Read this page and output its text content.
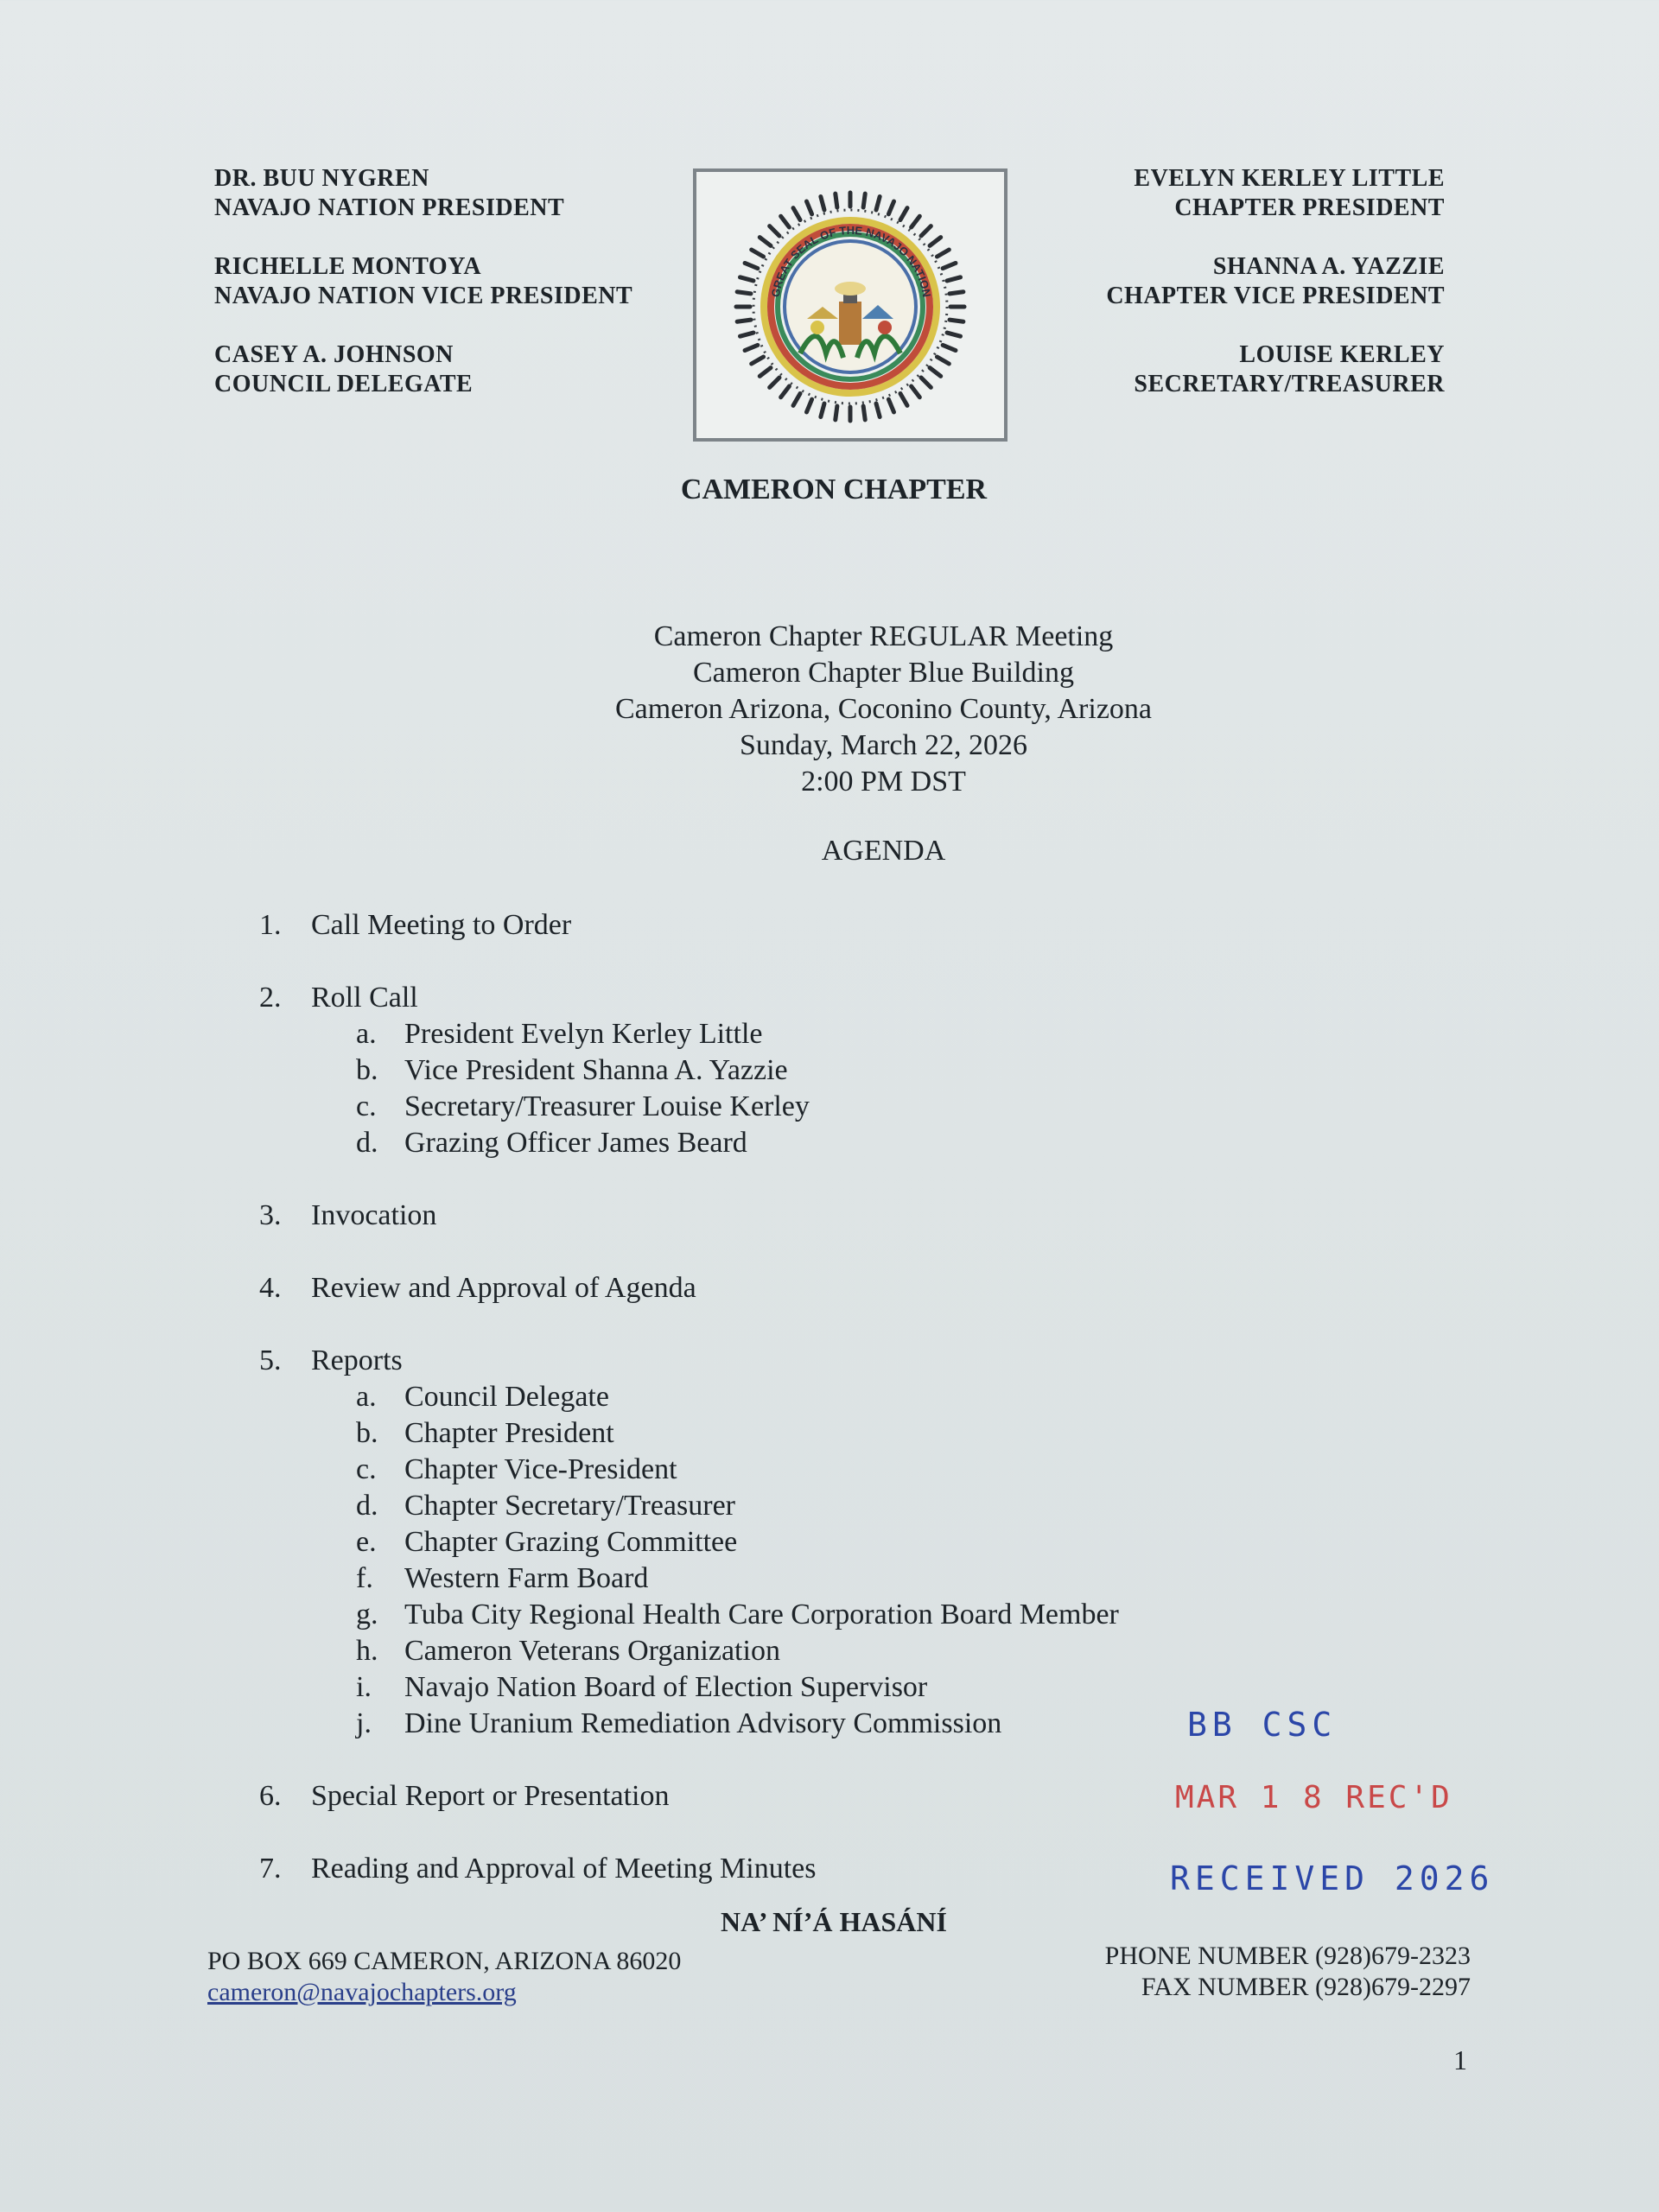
DR. BUU NYGREN
NAVAJO NATION PRESIDENT
RICHELLE MONTOYA
NAVAJO NATION VICE PRESIDENT
CASEY A. JOHNSON
COUNCIL DELEGATE
GREAT SEAL OF THE NAVAJO NATION
EVELYN KERLEY LITTLE
CHAPTER PRESIDENT
SHANNA A. YAZZIE
CHAPTER VICE PRESIDENT
LOUISE KERLEY
SECRETARY/TREASURER
CAMERON CHAPTER
Cameron Chapter REGULAR Meeting
Cameron Chapter Blue Building
Cameron Arizona, Coconino County, Arizona
Sunday, March 22, 2026
2:00 PM DST
AGENDA
1.	Call Meeting to Order
2.	Roll Call
a. President Evelyn Kerley Little
b. Vice President Shanna A. Yazzie
c. Secretary/Treasurer Louise Kerley
d. Grazing Officer James Beard
3.	Invocation
4.	Review and Approval of Agenda
5.	Reports
a. Council Delegate
b. Chapter President
c. Chapter Vice-President
d. Chapter Secretary/Treasurer
e. Chapter Grazing Committee
f.	Western Farm Board
g. Tuba City Regional Health Care Corporation Board Member
h. Cameron Veterans Organization
i.	Navajo Nation Board of Election Supervisor
j.	Dine Uranium Remediation Advisory Commission
6.	Special Report or Presentation
7.	Reading and Approval of Meeting Minutes
BB CSC
MAR 1 8 REC'D
RECEIVED 2026
NA’ NÍ’Á HASÁNÍ
PO BOX 669 CAMERON, ARIZONA 86020
cameron@navajochapters.org
PHONE NUMBER (928)679-2323
FAX NUMBER (928)679-2297
1
